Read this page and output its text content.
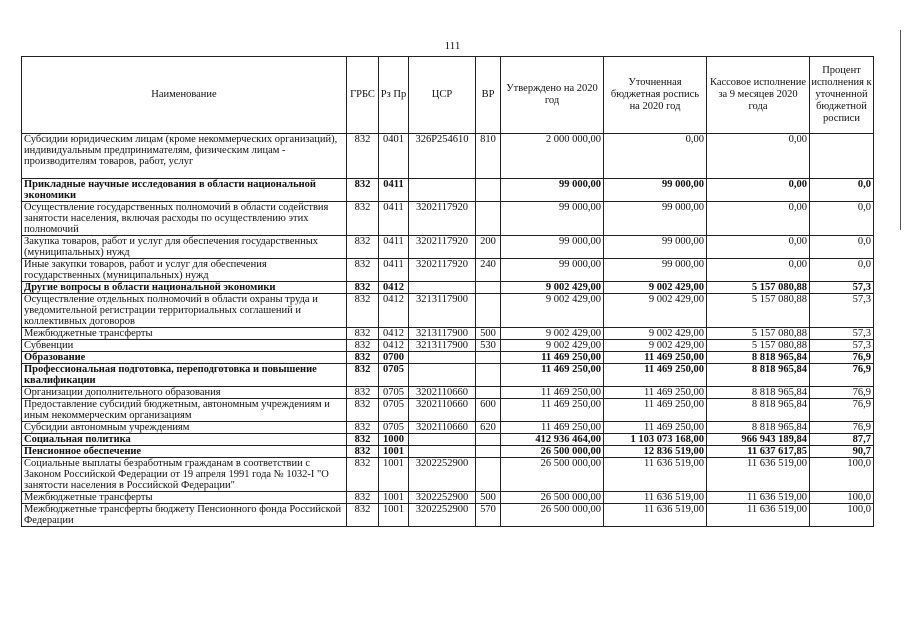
111
Наименование	ГРБС	Рз Пр	ЦСР	ВР	Утверждено на 2020 год	Уточненная бюджетная роспись на 2020 год	Кассовое исполнение за 9 месяцев 2020 года	Процент исполнения к уточненной бюджетной росписи
Субсидии юридическим лицам (кроме некоммерческих организаций), индивидуальным предпринимателям, физическим лицам - производителям товаров, работ, услуг	832	0401	326P254610	810	2 000 000,00	0,00	0,00	
Прикладные научные исследования в области национальной экономики	832	0411			99 000,00	99 000,00	0,00	0,0
Осуществление государственных полномочий в области содействия занятости населения, включая расходы по осуществлению этих полномочий	832	0411	3202117920		99 000,00	99 000,00	0,00	0,0
Закупка товаров, работ и услуг для обеспечения государственных (муниципальных) нужд	832	0411	3202117920	200	99 000,00	99 000,00	0,00	0,0
Иные закупки товаров, работ и услуг для обеспечения государственных (муниципальных) нужд	832	0411	3202117920	240	99 000,00	99 000,00	0,00	0,0
Другие вопросы в области национальной экономики	832	0412			9 002 429,00	9 002 429,00	5 157 080,88	57,3
Осуществление отдельных полномочий в области охраны труда и уведомительной регистрации территориальных соглашений и коллективных договоров	832	0412	3213117900		9 002 429,00	9 002 429,00	5 157 080,88	57,3
Межбюджетные трансферты	832	0412	3213117900	500	9 002 429,00	9 002 429,00	5 157 080,88	57,3
Субвенции	832	0412	3213117900	530	9 002 429,00	9 002 429,00	5 157 080,88	57,3
Образование	832	0700			11 469 250,00	11 469 250,00	8 818 965,84	76,9
Профессиональная подготовка, переподготовка и повышение квалификации	832	0705			11 469 250,00	11 469 250,00	8 818 965,84	76,9
Организации дополнительного образования	832	0705	3202110660		11 469 250,00	11 469 250,00	8 818 965,84	76,9
Предоставление субсидий бюджетным, автономным учреждениям и иным некоммерческим организациям	832	0705	3202110660	600	11 469 250,00	11 469 250,00	8 818 965,84	76,9
Субсидии автономным учреждениям	832	0705	3202110660	620	11 469 250,00	11 469 250,00	8 818 965,84	76,9
Социальная политика	832	1000			412 936 464,00	1 103 073 168,00	966 943 189,84	87,7
Пенсионное обеспечение	832	1001			26 500 000,00	12 836 519,00	11 637 617,85	90,7
Социальные выплаты безработным гражданам в соответствии с Законом Российской Федерации от 19 апреля 1991 года № 1032-I "О занятости населения в Российской Федерации"	832	1001	3202252900		26 500 000,00	11 636 519,00	11 636 519,00	100,0
Межбюджетные трансферты	832	1001	3202252900	500	26 500 000,00	11 636 519,00	11 636 519,00	100,0
Межбюджетные трансферты бюджету Пенсионного фонда Российской Федерации	832	1001	3202252900	570	26 500 000,00	11 636 519,00	11 636 519,00	100,0
